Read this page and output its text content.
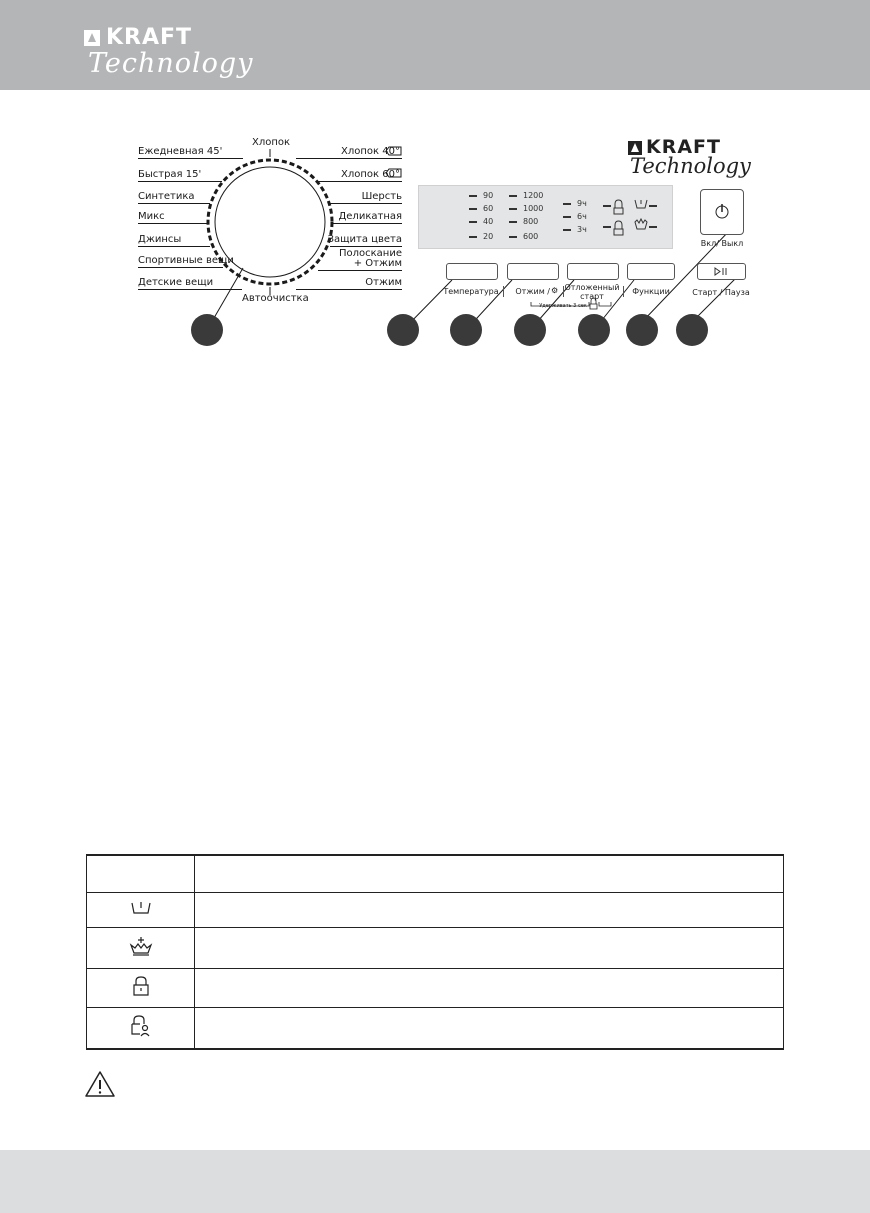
KRAFT
Technology
Хлопок
Автоочистка
Ежедневная 45'
Быстрая 15'
Синтетика
Микс
Джинсы
Спортивные вещи
Детские вещи
Хлопок 40°
Хлопок 60°
Шерсть
Деликатная
Защита цвета
Полоскание
+ Отжим
Отжим
KRAFT
Technology
90
60
40
20
1200
1000
800
600
9ч
6ч
3ч
Вкл/ Выкл
Температура	Отжим / ⚙ Отложенный
старт
Удерживать 3 сек
Функции	Старт / Пауза
